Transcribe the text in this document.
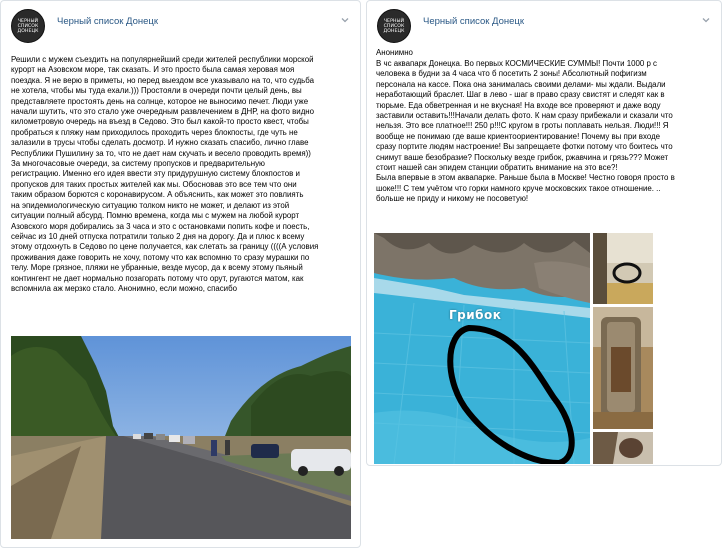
ЧЕРНЫЙ СПИСОК ДОНЕЦК
Черный список Донецк
Решили с мужем съездить на популярнейший среди жителей республики морской
курорт на Азовском море, так сказать. И это просто была самая херовая моя
поездка. Я не верю в приметы, но перед выездом все указывало на то, что судьба
не хотела, чтобы мы туда ехали.))) Простояли в очереди почти целый день, вы
представляете простоять день на солнце, которое не выносимо печет. Люди уже
начали шутить, что это стало уже очередным развлечением в ДНР, на фото видно
километровую очередь на въезд в Седово. Это был какой-то просто квест, чтобы
пробраться к пляжу нам приходилось проходить через блокпосты, где чуть не
залазили в трусы чтобы сделать досмотр. И нужно сказать спасибо, лично главе
Республики Пушилину за то, что не дает нам скучать и весело проводить время))
За многочасовые очереди, за систему пропусков и предварительную
регистрацию. Именно его идея ввести эту придурушную систему блокпостов и
пропусков для таких простых жителей как мы. Обосновав это все тем что они
таким образом борются с коронавирусом. А объяснить, как может это повлиять
на эпидемиологическую ситуацию толком никто не может, и делают из этой
ситуации полный абсурд. Помню времена, когда мы с мужем на любой курорт
Азовского моря добирались за 3 часа и это с остановками попить кофе и поесть,
сейчас из 10 дней отпуска потратили только 2 дня на дорогу. Да и плюс к всему
этому отдохнуть в Седово по цене получается, как слетать за границу ((((А условия
проживания даже говорить не хочу, потому что как вспомню то сразу мурашки по
телу. Море грязное, пляжи не убранные, везде мусор, да к всему этому пьяный
контингент не дает нормально позагорать потому что орут, ругаются матом, как
вспомнила аж мерзко стало. Анонимно, если можно, спасибо
ЧЕРНЫЙ СПИСОК ДОНЕЦК
Черный список Донецк
Анонимно
В чс аквапарк Донецка. Во первых КОСМИЧЕСКИЕ СУММЫ! Почти 1000 р с
человека в будни за 4 часа что б посетить 2 зоны! Абсолютный пофигизм
персонала на кассе. Пока она занималась своими делами- мы ждали. Выдали
неработающий браслет. Шаг в лево - шаг в право сразу свистят и следят как в
тюрьме. Еда обветренная и не вкусная! На входе все проверяют и даже воду
заставили оставить!!!Начали делать фото. К нам сразу прибежали и сказали что
нельзя. Это все платное!!! 250 р!!!С кругом в гроты поплавать нельзя. Люди!!! Я
вообще не понимаю где ваше криентоориентирование! Почему вы при входе
сразу портите людям настроение! Вы запрещаете фотки потому что боитесь что
снимут ваше безобразие? Поскольку везде грибок, ржавчина и грязь??? Может
стоит нашей сан эпидем станции обратить внимание на это все?!
Была впервые в этом аквапарке. Раньше была в Москве! Честно говоря просто в
шоке!!! С тем учётом что горки намного круче московских такое отношение. ..
больше не приду и никому не посоветую!
Грибок
